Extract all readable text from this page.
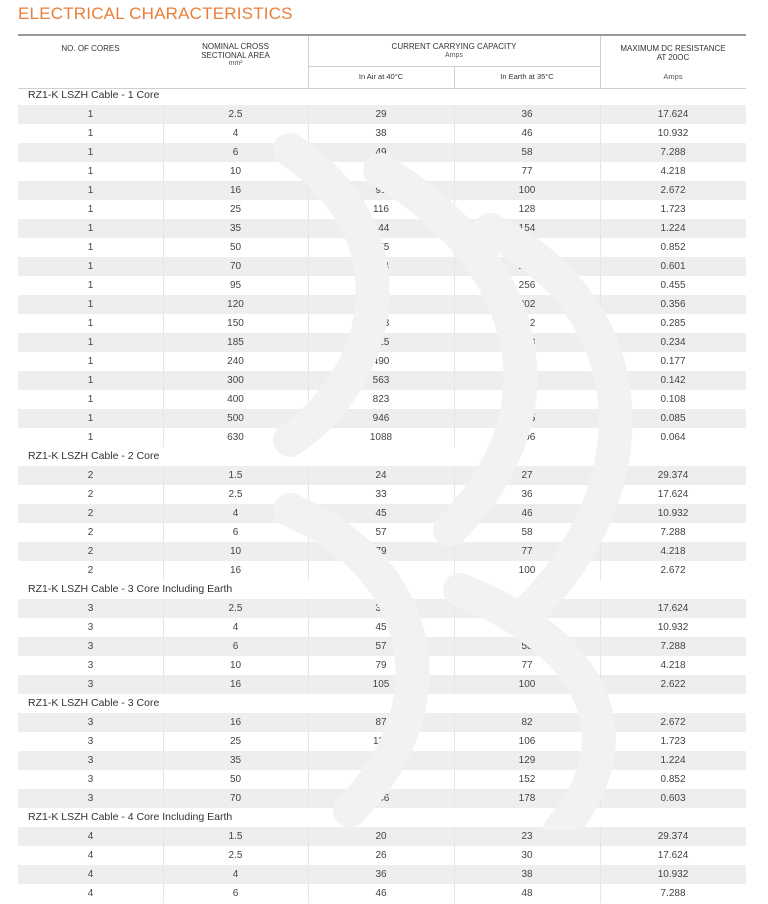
ELECTRICAL CHARACTERISTICS
NO. OF CORES	NOMINAL CROSS
SECTIONAL AREA
mm²
CURRENT CARRYING CAPACITY
Amps
In Air at 40°C	In Earth at 35°C
MAXIMUM DC RESISTANCE
AT 20OC
Amps
RZ1-K LSZH Cable - 1 Core
1	2.5	29	36	17.624
1	4	38	46	10.932
1	6	49	58	7.288
1	10	68	77	4.218
1	16	91	100	2.672
1	25	116	128	1.723
1	35	144	154	1.224
1	50	175	183	0.852
1	70	224	224	0.601
1	95	271	256	0.455
1	120	314	302	0.356
1	150	363	342	0.285
1	185	415	383	0.234
1	240	490	442	0.177
1	300	563	500	0.142
1	400	823	464	0.108
1	500	946	525	0.085
1	630	1088	596	0.064
RZ1-K LSZH Cable - 2 Core
2	1.5	24	27	29.374
2	2.5	33	36	17.624
2	4	45	46	10.932
2	6	57	58	7.288
2	10	79	77	4.218
2	16	105	100	2.672
RZ1-K LSZH Cable - 3 Core Including Earth
3	2.5	33	36	17.624
3	4	45	46	10.932
3	6	57	58	7.288
3	10	79	77	4.218
3	16	105	100	2.622
RZ1-K LSZH Cable - 3 Core
3	16	87	82	2.672
3	25	110	106	1.723
3	35	137	129	1.224
3	50	167	152	0.852
3	70	246	178	0.603
RZ1-K LSZH Cable - 4 Core Including Earth
4	1.5	20	23	29.374
4	2.5	26	30	17.624
4	4	36	38	10.932
4	6	46	48	7.288
